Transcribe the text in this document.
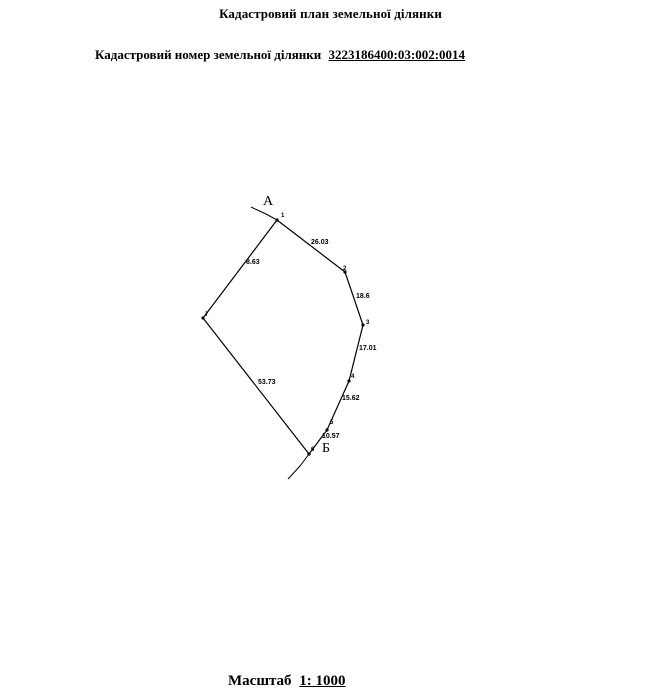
Кадастровий план земельної ділянки
Кадастровий номер земельної ділянки 3223186400:03:002:0014
А
Б
1
2
3
4
5
6
7
26.03
18.6
17.01
15.62
10.57
53.73
8.63
Масштаб 1: 1000
